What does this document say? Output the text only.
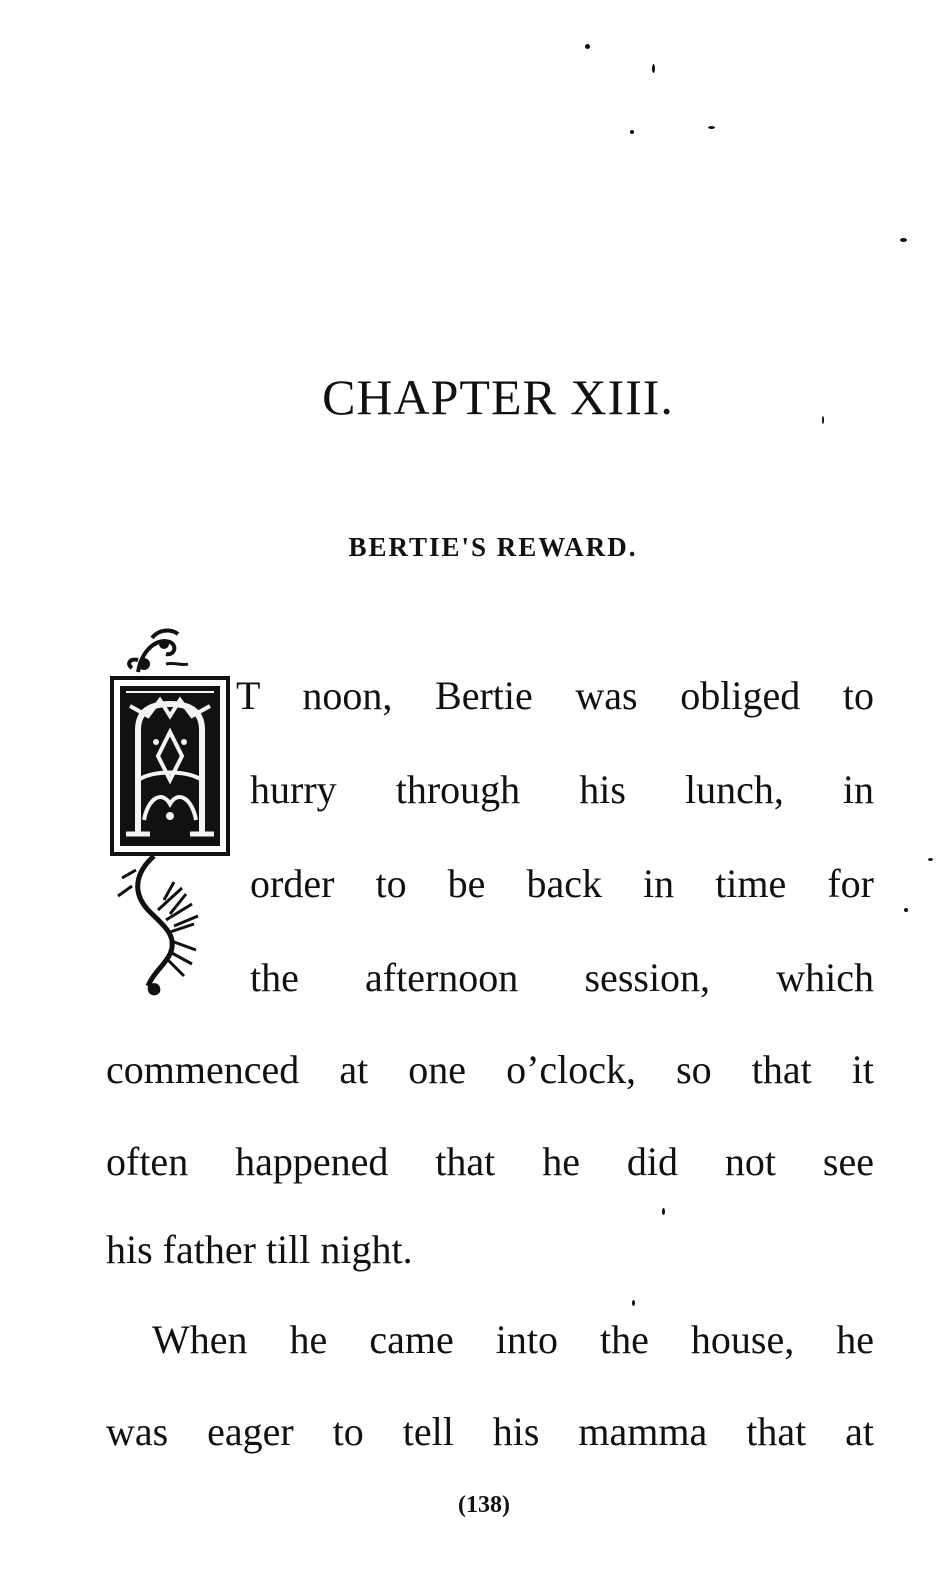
CHAPTER XIII.
BERTIE'S REWARD.

T noon, Bertie was obliged to

hurry through his lunch, in

order to be back in time for

the afternoon session, which

commenced at one o’clock, so that it

often happened that he did not see

his father till night.

When he came into the house, he

was eager to tell his mamma that at

(138)
